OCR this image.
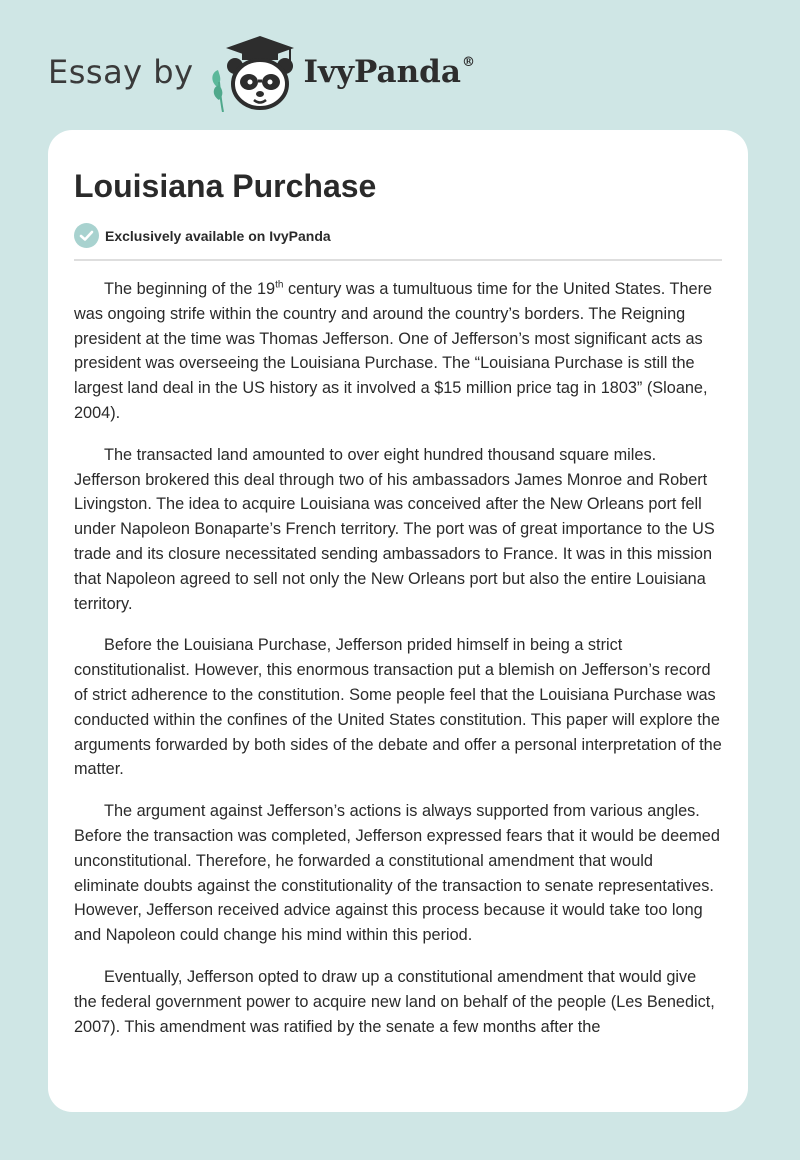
Essay by	IvyPanda®
Louisiana Purchase
Exclusively available on IvyPanda

The beginning of the 19th century was a tumultuous time for the United States. There was ongoing strife within the country and around the country’s borders. The Reigning president at the time was Thomas Jefferson. One of Jefferson’s most significant acts as president was overseeing the Louisiana Purchase. The “Louisiana Purchase is still the largest land deal in the US history as it involved a $15 million price tag in 1803” (Sloane, 2004).

The transacted land amounted to over eight hundred thousand square miles. Jefferson brokered this deal through two of his ambassadors James Monroe and Robert Livingston. The idea to acquire Louisiana was conceived after the New Orleans port fell under Napoleon Bonaparte’s French territory. The port was of great importance to the US trade and its closure necessitated sending ambassadors to France. It was in this mission that Napoleon agreed to sell not only the New Orleans port but also the entire Louisiana territory.

Before the Louisiana Purchase, Jefferson prided himself in being a strict constitutionalist. However, this enormous transaction put a blemish on Jefferson’s record of strict adherence to the constitution. Some people feel that the Louisiana Purchase was conducted within the confines of the United States constitution. This paper will explore the arguments forwarded by both sides of the debate and offer a personal interpretation of the matter.

The argument against Jefferson’s actions is always supported from various angles. Before the transaction was completed, Jefferson expressed fears that it would be deemed unconstitutional. Therefore, he forwarded a constitutional amendment that would eliminate doubts against the constitutionality of the transaction to senate representatives. However, Jefferson received advice against this process because it would take too long and Napoleon could change his mind within this period.

Eventually, Jefferson opted to draw up a constitutional amendment that would give the federal government power to acquire new land on behalf of the people (Les Benedict, 2007). This amendment was ratified by the senate a few months after the
